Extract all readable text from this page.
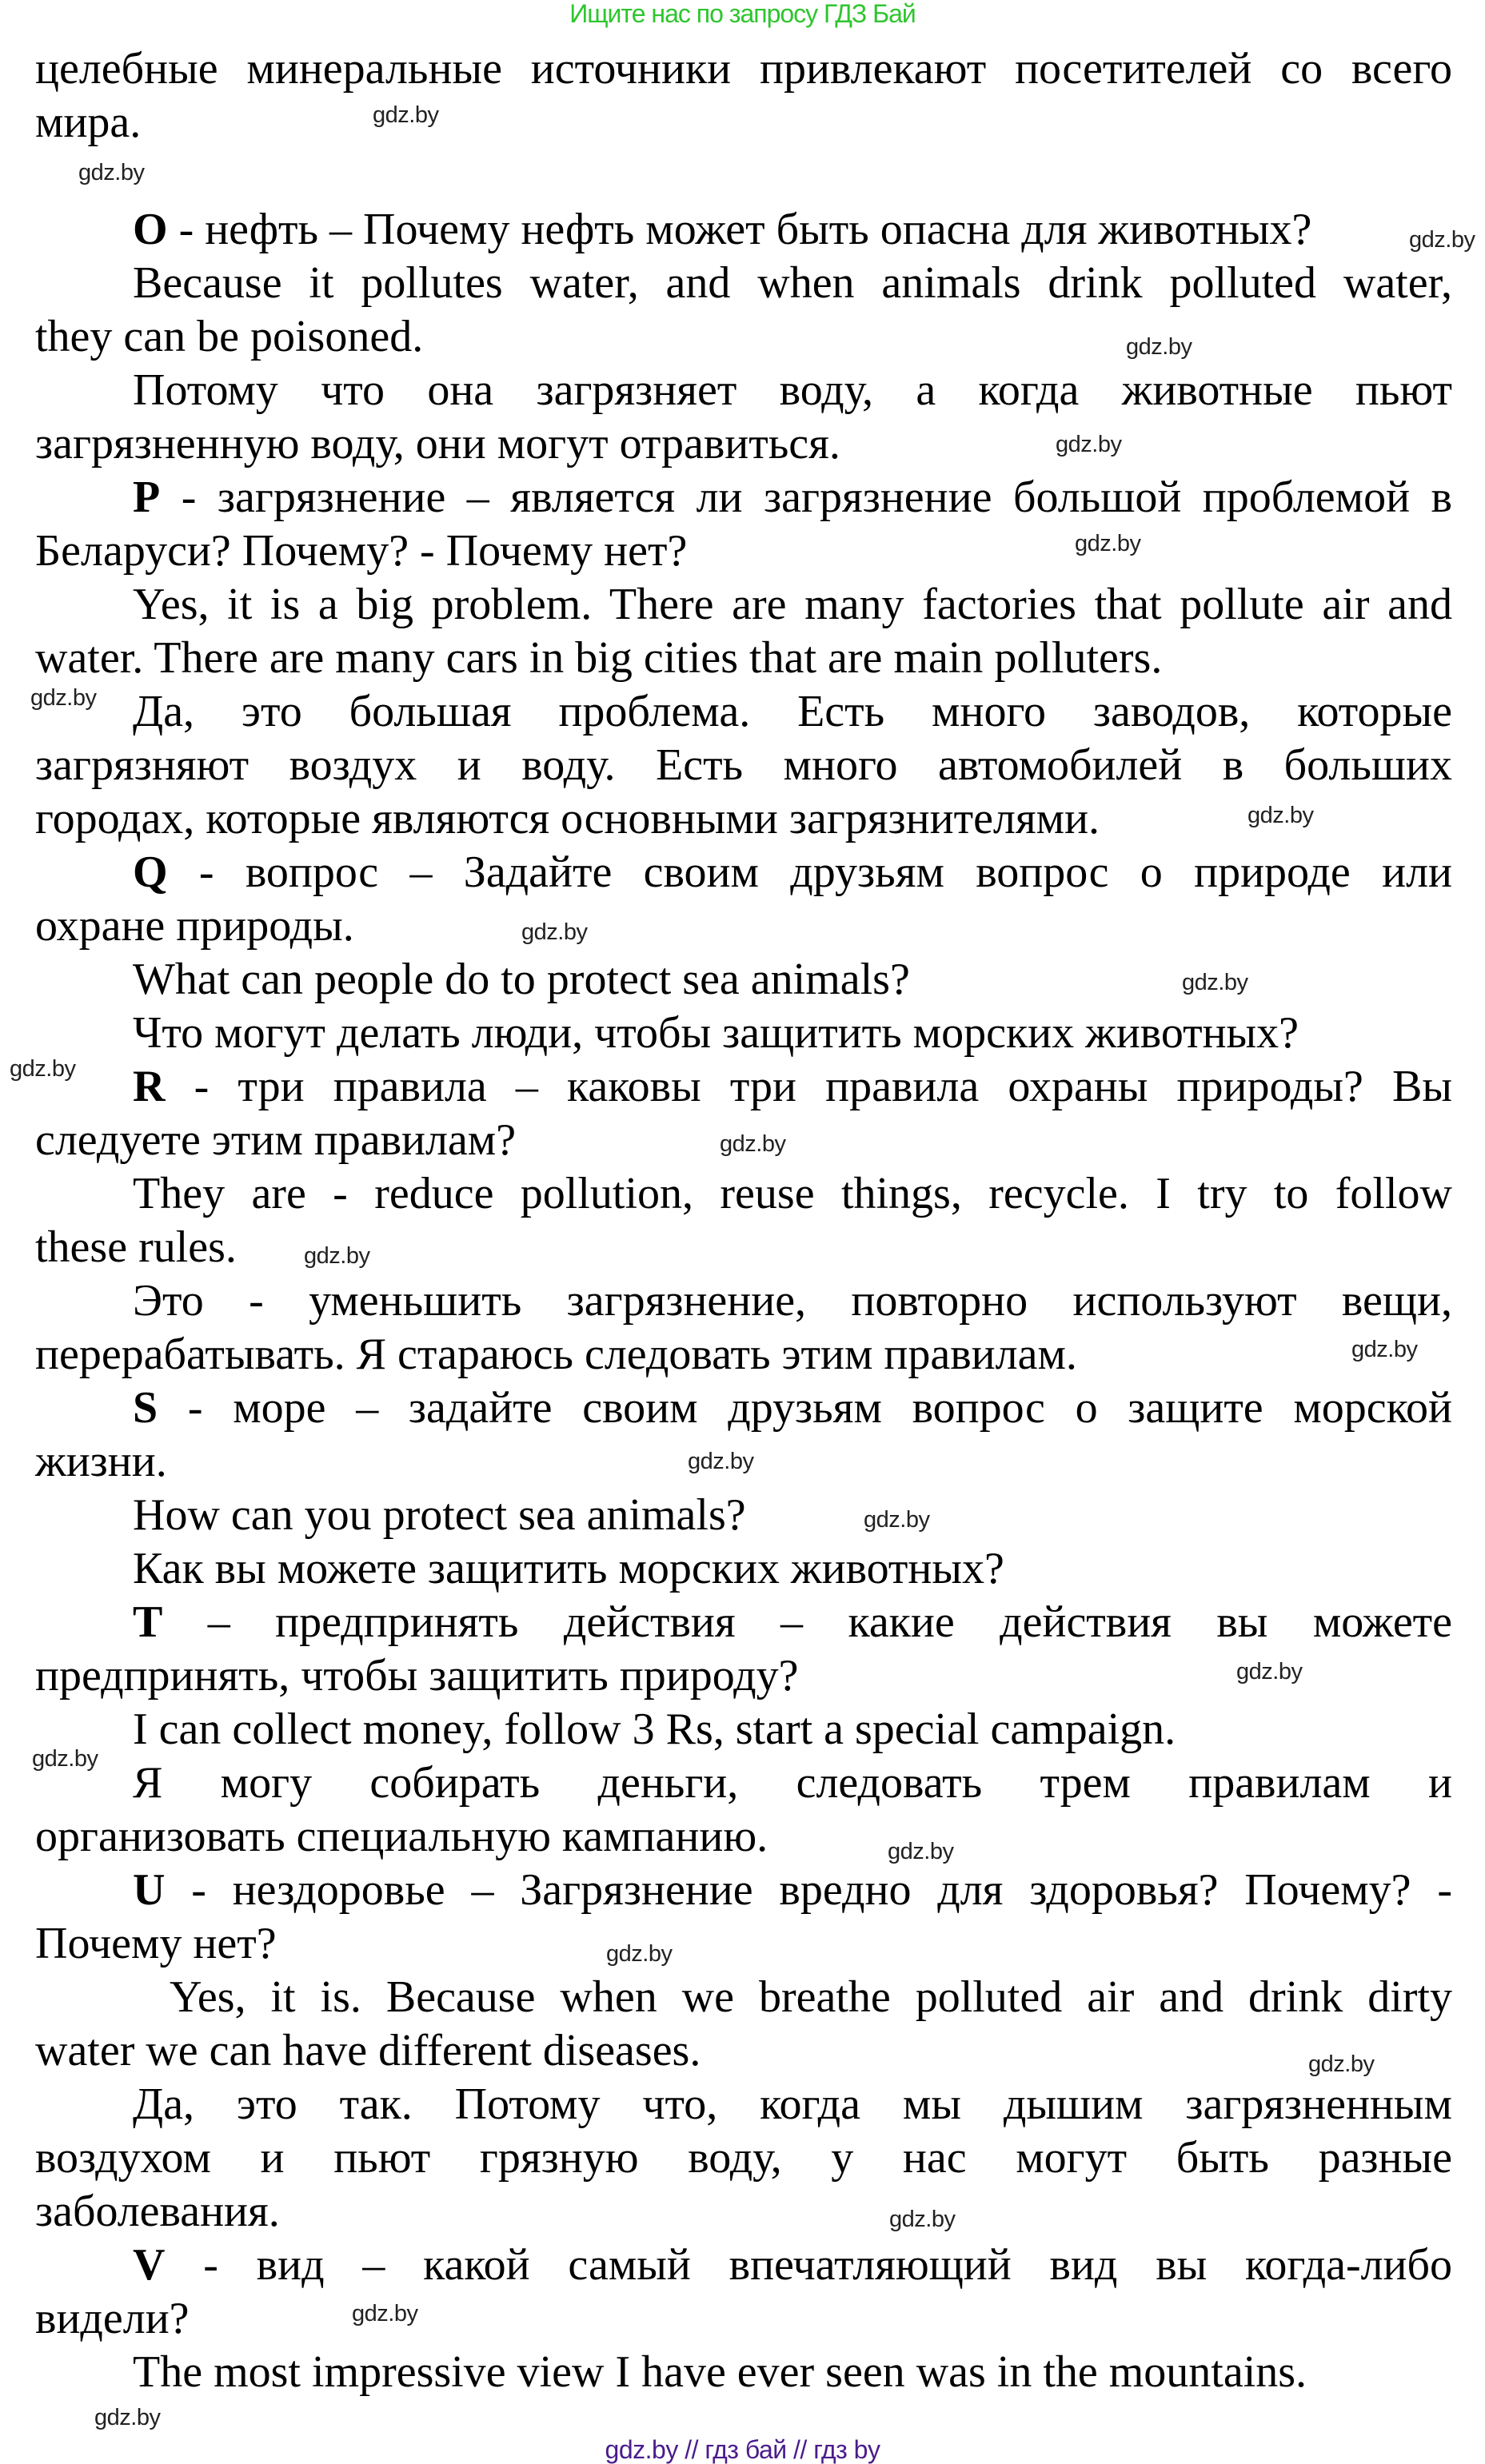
Ищите нас по запросу ГДЗ Бай
целебные минеральные источники привлекают посетителей со всего
мира.
O - нефть – Почему нефть может быть опасна для животных?
Because it pollutes water, and when animals drink polluted water,
they can be poisoned.
Потому что она загрязняет воду, а когда животные пьют
загрязненную воду, они могут отравиться.
P - загрязнение – является ли загрязнение большой проблемой в
Беларуси? Почему? - Почему нет?
Yes, it is a big problem. There are many factories that pollute air and
water. There are many cars in big cities that are main polluters.
Да, это большая проблема. Есть много заводов, которые
загрязняют воздух и воду. Есть много автомобилей в больших
городах, которые являются основными загрязнителями.
Q - вопрос – Задайте своим друзьям вопрос о природе или
охране природы.
What can people do to protect sea animals?
Что могут делать люди, чтобы защитить морских животных?
R - три правила – каковы три правила охраны природы? Вы
следуете этим правилам?
They are - reduce pollution, reuse things, recycle. I try to follow
these rules.
Это - уменьшить загрязнение, повторно используют вещи,
перерабатывать. Я стараюсь следовать этим правилам.
S - море – задайте своим друзьям вопрос о защите морской
жизни.
How can you protect sea animals?
Как вы можете защитить морских животных?
T – предпринять действия – какие действия вы можете
предпринять, чтобы защитить природу?
I can collect money, follow 3 Rs, start a special campaign.
Я могу собирать деньги, следовать трем правилам и
организовать специальную кампанию.
U - нездоровье – Загрязнение вредно для здоровья? Почему? -
Почему нет?
Yes, it is. Because when we breathe polluted air and drink dirty
water we can have different diseases.
Да, это так. Потому что, когда мы дышим загрязненным
воздухом и пьют грязную воду, у нас могут быть разные
заболевания.
V - вид – какой самый впечатляющий вид вы когда-либо
видели?
The most impressive view I have ever seen was in the mountains.
gdz.by
gdz.by
gdz.by
gdz.by
gdz.by
gdz.by
gdz.by
gdz.by
gdz.by
gdz.by
gdz.by
gdz.by
gdz.by
gdz.by
gdz.by
gdz.by
gdz.by
gdz.by
gdz.by
gdz.by
gdz.by
gdz.by
gdz.by
gdz.by
gdz.by // гдз бай // гдз by
